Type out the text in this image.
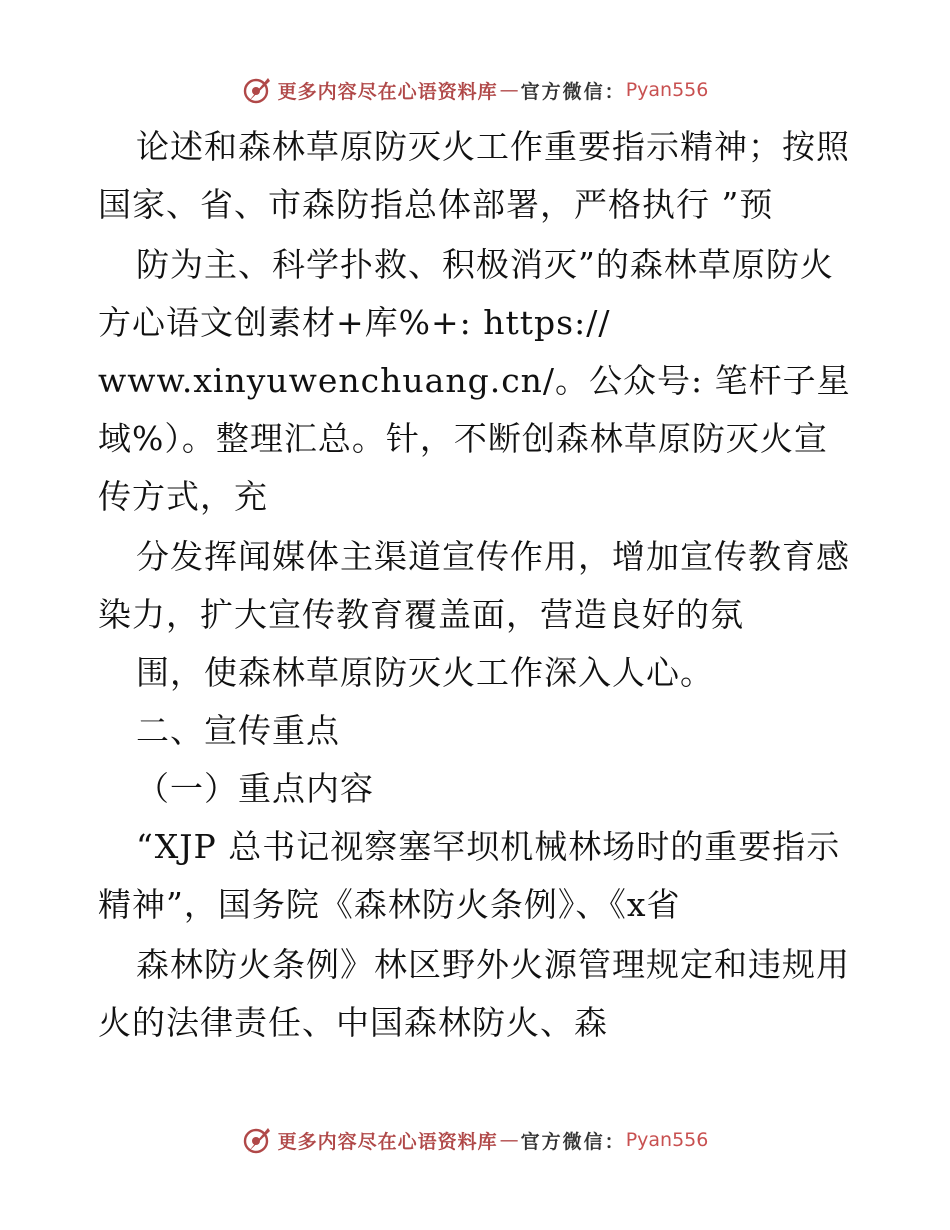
更多内容尽在心语资料库 — 官方微信： Pyan556
论述和森林草原防灭火工作重要指示精神；按照
国家、省、市森防指总体部署，严格执行 ”预
防为主、科学扑救、积极消灭”的森林草原防火
方心语文创素材+库%+: https://
www.xinyuwenchuang.cn/。公众号: 笔杆子星
域%）。整理汇总。针，不断创森林草原防灭火宣
传方式，充
分发挥闻媒体主渠道宣传作用，增加宣传教育感
染力，扩大宣传教育覆盖面，营造良好的氛
围，使森林草原防灭火工作深入人心。
二、宣传重点
（一）重点内容
“XJP 总书记视察塞罕坝机械林场时的重要指示
精神”，国务院《森林防火条例》、《x省
森林防火条例》林区野外火源管理规定和违规用
火的法律责任、中国森林防火、森
更多内容尽在心语资料库 — 官方微信： Pyan556
